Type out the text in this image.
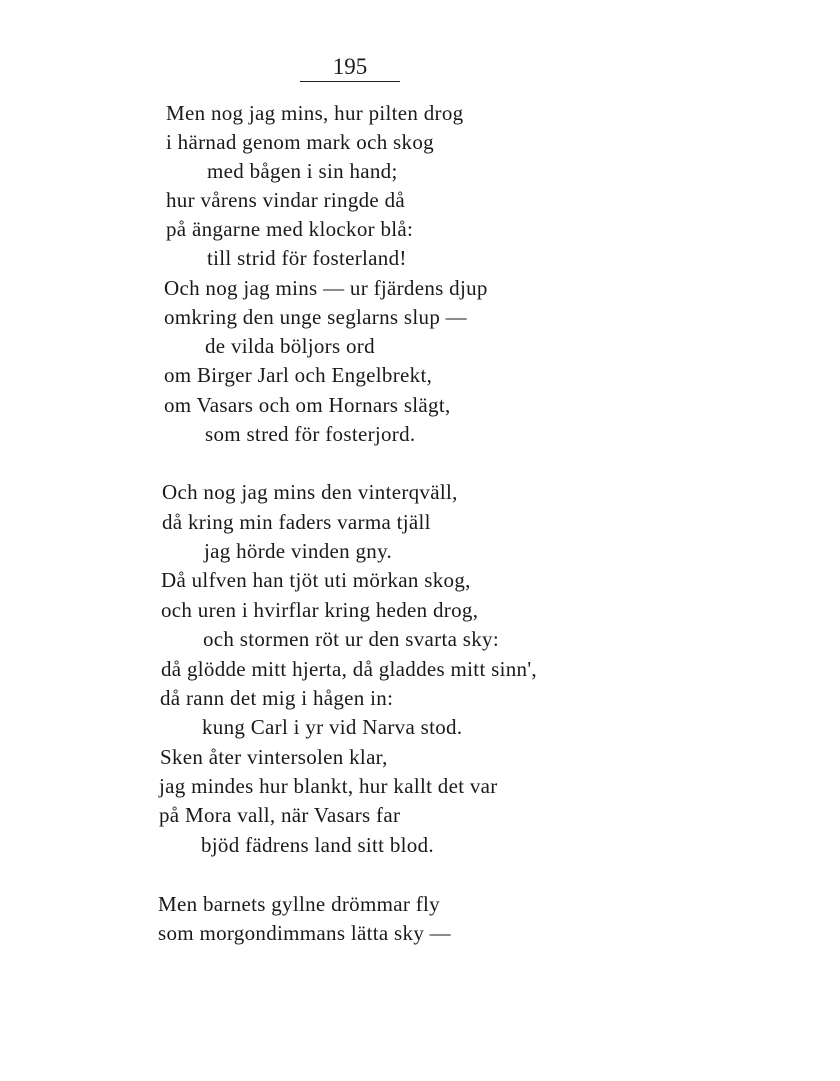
195
Men nog jag mins, hur pilten drog
i härnad genom mark och skog
med bågen i sin hand;
hur vårens vindar ringde då
på ängarne med klockor blå:
till strid för fosterland!
Och nog jag mins — ur fjärdens djup
omkring den unge seglarns slup —
de vilda böljors ord
om Birger Jarl och Engelbrekt,
om Vasars och om Hornars slägt,
som stred för fosterjord.
Och nog jag mins den vinterqväll,
då kring min faders varma tjäll
jag hörde vinden gny.
Då ulfven han tjöt uti mörkan skog,
och uren i hvirflar kring heden drog,
och stormen röt ur den svarta sky:
då glödde mitt hjerta, då gladdes mitt sinn',
då rann det mig i hågen in:
kung Carl i yr vid Narva stod.
Sken åter vintersolen klar,
jag mindes hur blankt, hur kallt det var
på Mora vall, när Vasars far
bjöd fädrens land sitt blod.
Men barnets gyllne drömmar fly
som morgondimmans lätta sky —
